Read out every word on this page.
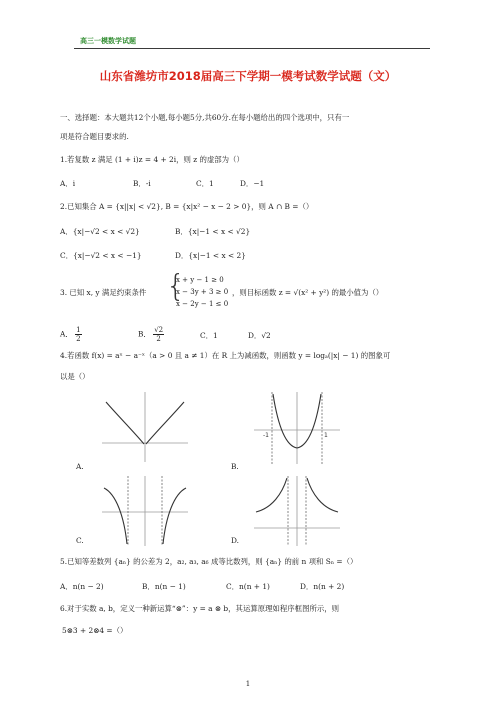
高三一模数学试题
山东省潍坊市2018届高三下学期一模考试数学试题（文）
一、选择题：本大题共12个小题,每小题5分,共60分.在每小题给出的四个选项中，只有一
项是符合题目要求的.
1.若复数 z 满足 (1 + i)z = 4 + 2i，则 z 的虚部为（）
A．i	B．-i	C．1	D．−1
2.已知集合 A = {x||x| < √2}, B = {x|x² − x − 2 > 0}，则 A ∩ B =（）
A．{x|−√2 < x < √2}	B．{x|−1 < x < √2}
C．{x|−√2 < x < −1}	D．{x|−1 < x < 2}
3. 已知 x, y 满足约束条件 {
x + y − 1 ≥ 0
x − 3y + 3 ≥ 0
x − 2y − 1 ≤ 0
，则目标函数 z = √(x² + y²) 的最小值为（）
A． $\frac{1}{2}$	B． $\frac{√2}{2}$	C．1	D．√2
4.若函数 f(x) = aˣ − a⁻ˣ（a > 0 且 a ≠ 1）在 R 上为减函数，则函数 y = logₐ(|x| − 1) 的图象可
以是（）
A.
-1	1
B.
C.	D.
5.已知等差数列 {aₙ} 的公差为 2，a₂, a₃, a₆ 成等比数列，则 {aₙ} 的前 n 项和 Sₙ =（）
A．n(n − 2)	B．n(n − 1)	C．n(n + 1)	D．n(n + 2)
6.对于实数 a, b，定义一种新运算“⊗”：y = a ⊗ b，其运算原理如程序框图所示，则
5⊗3 + 2⊗4 =（）
1
